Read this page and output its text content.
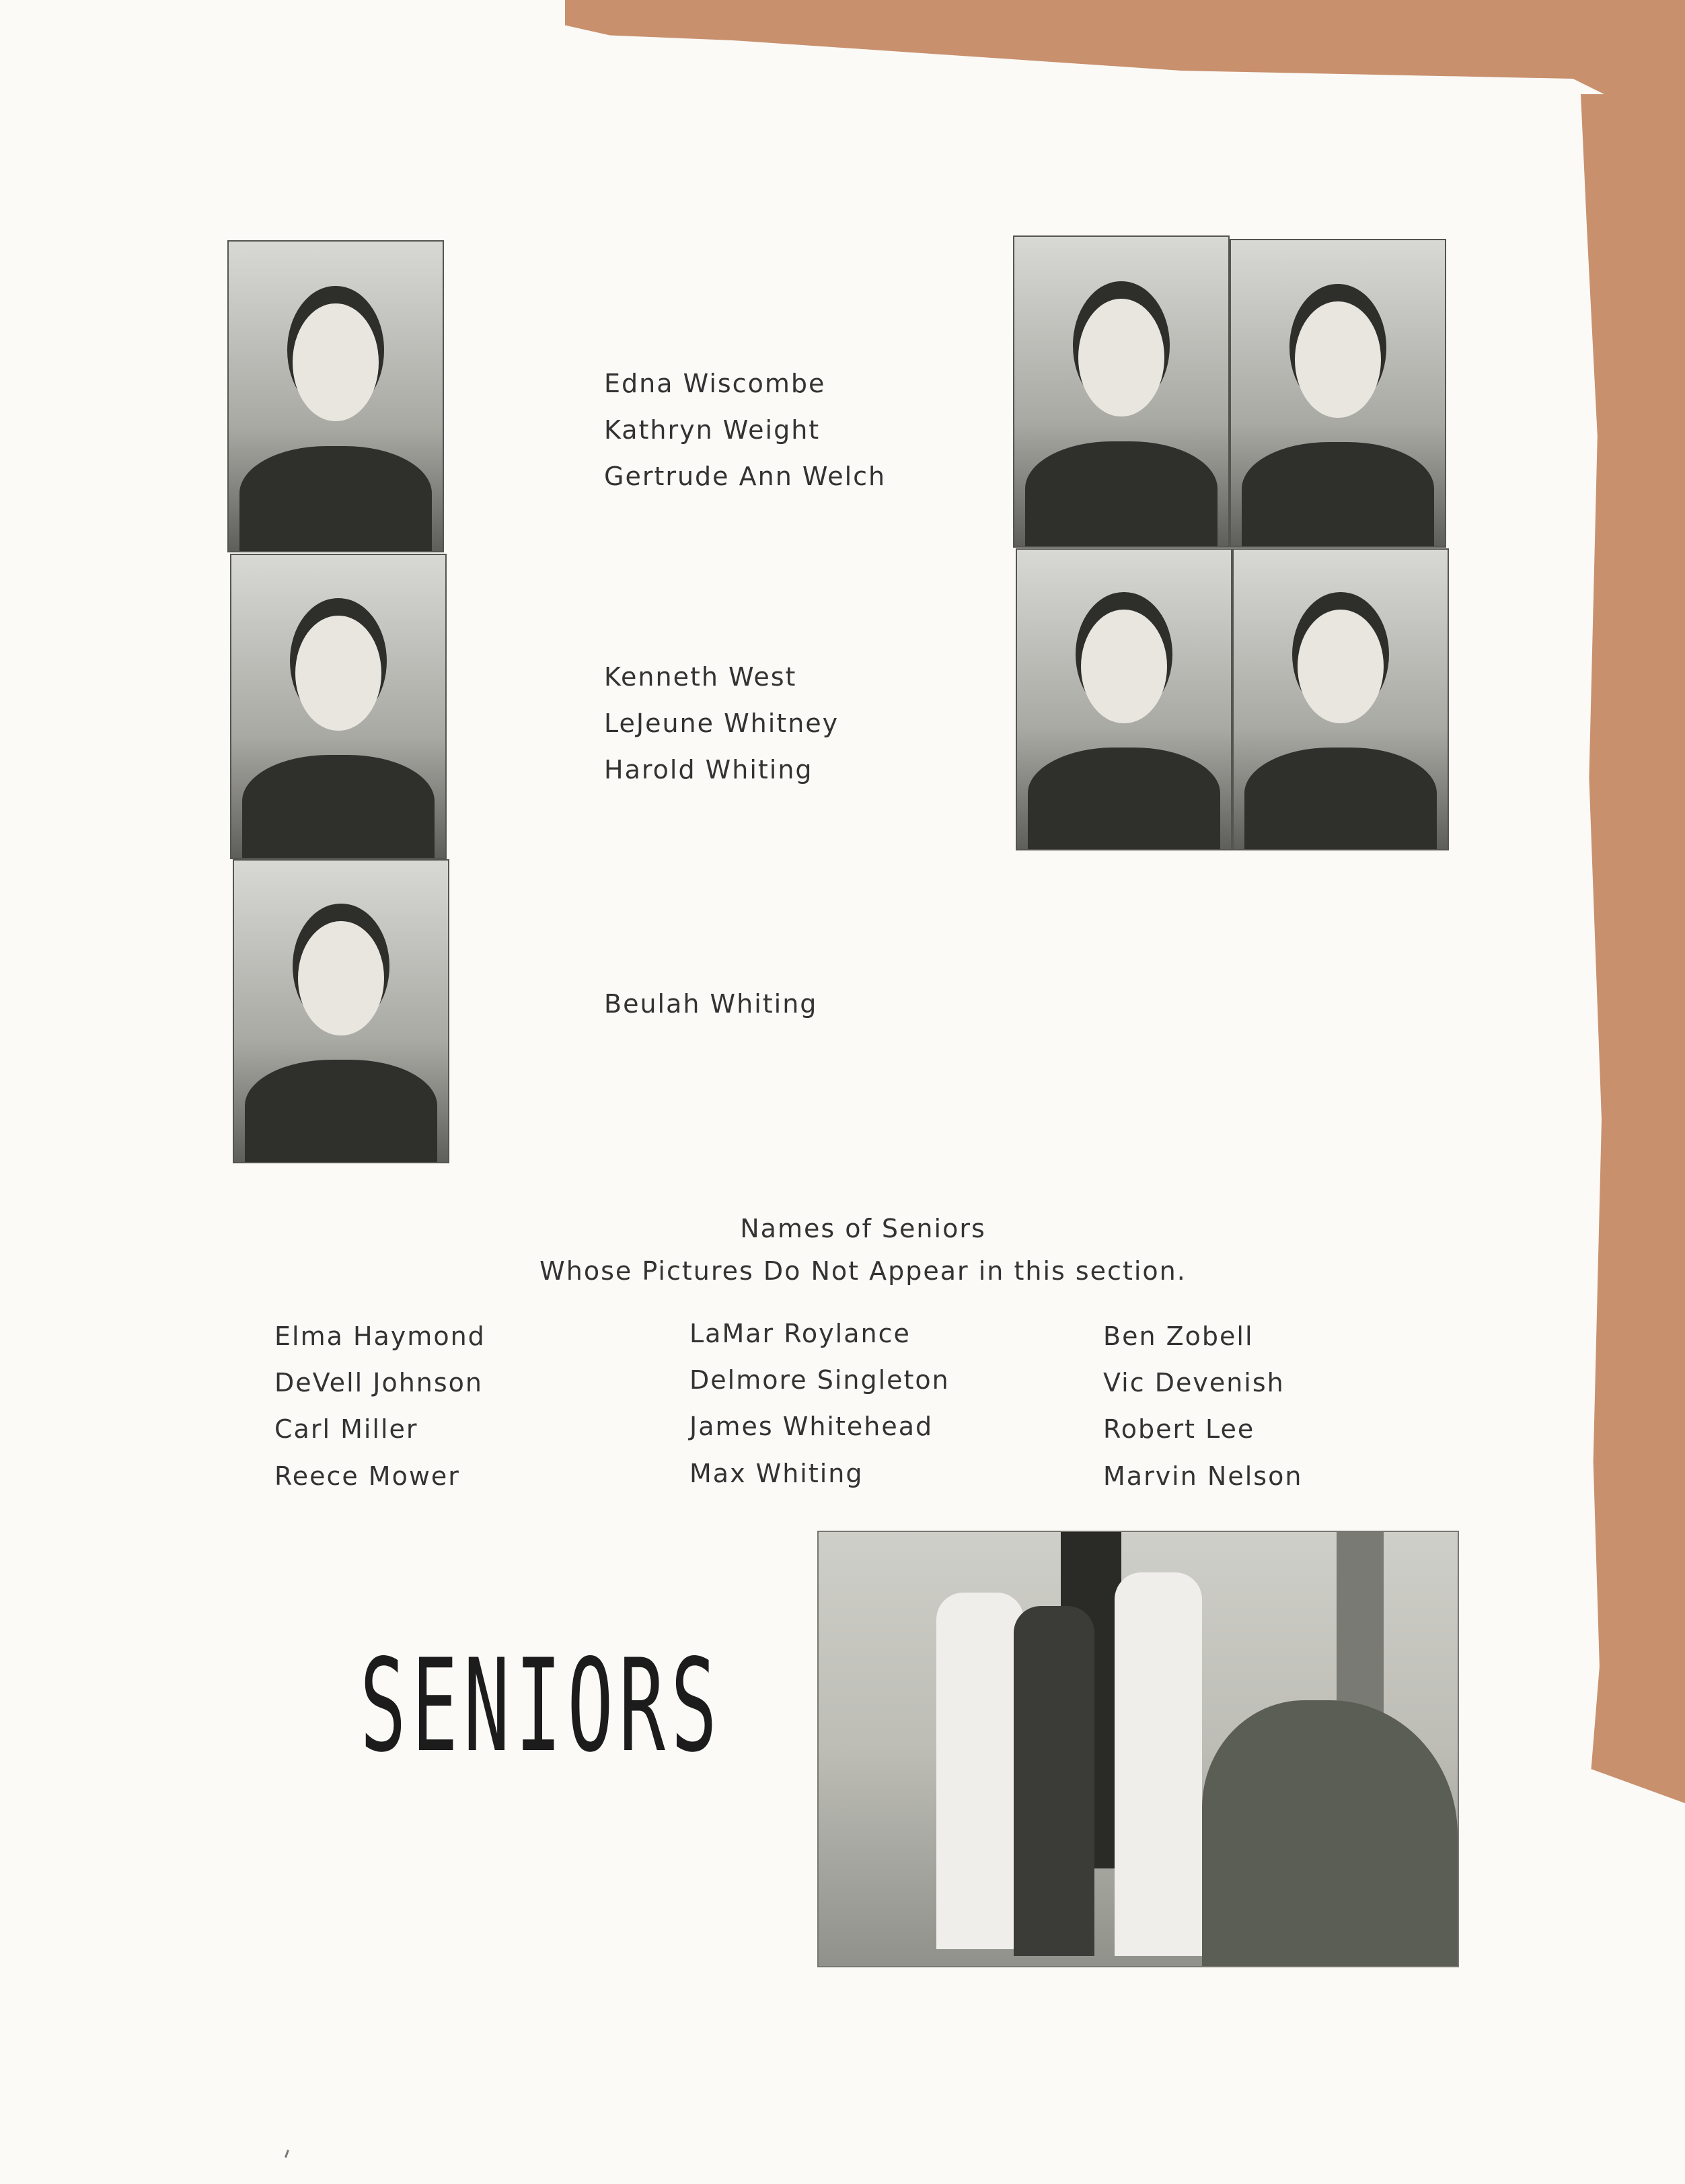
Edna Wiscombe
Kathryn Weight
Gertrude Ann Welch
Kenneth West
LeJeune Whitney
Harold Whiting
Beulah Whiting
Names of Seniors
Whose Pictures Do Not Appear in this section.
Elma Haymond
DeVell Johnson
Carl Miller
Reece Mower
LaMar Roylance
Delmore Singleton
James Whitehead
Max Whiting
Ben Zobell
Vic Devenish
Robert Lee
Marvin Nelson
SENIORS
